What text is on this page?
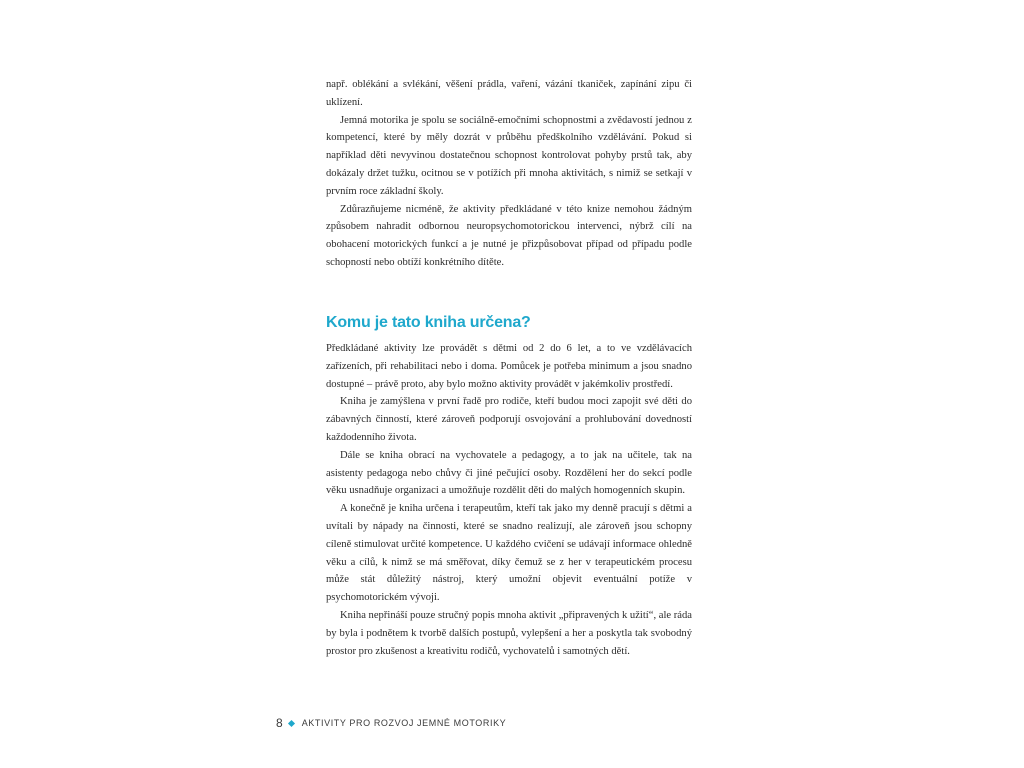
např. oblékání a svlékání, věšení prádla, vaření, vázání tkaniček, zapínání zipu či uklízení.

Jemná motorika je spolu se sociálně-emočními schopnostmi a zvědavostí jednou z kompetencí, které by měly dozrát v průběhu předškolního vzdělávání. Pokud si například děti nevyvinou dostatečnou schopnost kontrolovat pohyby prstů tak, aby dokázaly držet tužku, ocitnou se v potížích při mnoha aktivitách, s nimiž se setkají v prvním roce základní školy.

Zdůrazňujeme nicméně, že aktivity předkládané v této knize nemohou žádným způsobem nahradit odbornou neuropsychomotorickou intervenci, nýbrž cílí na obohacení motorických funkcí a je nutné je přizpůsobovat případ od případu podle schopností nebo obtíží konkrétního dítěte.

Komu je tato kniha určena?

Předkládané aktivity lze provádět s dětmi od 2 do 6 let, a to ve vzdělávacích zařízeních, při rehabilitaci nebo i doma. Pomůcek je potřeba minimum a jsou snadno dostupné – právě proto, aby bylo možno aktivity provádět v jakémkoliv prostředí.

Kniha je zamýšlena v první řadě pro rodiče, kteří budou moci zapojit své děti do zábavných činností, které zároveň podporují osvojování a prohlubování dovedností každodenního života.

Dále se kniha obrací na vychovatele a pedagogy, a to jak na učitele, tak na asistenty pedagoga nebo chůvy či jiné pečující osoby. Rozdělení her do sekcí podle věku usnadňuje organizaci a umožňuje rozdělit děti do malých homogenních skupin.

A konečně je kniha určena i terapeutům, kteří tak jako my denně pracují s dětmi a uvítali by nápady na činnosti, které se snadno realizují, ale zároveň jsou schopny cíleně stimulovat určité kompetence. U každého cvičení se udávají informace ohledně věku a cílů, k nimž se má směřovat, díky čemuž se z her v terapeutickém procesu může stát důležitý nástroj, který umožní objevit eventuální potíže v psychomotorickém vývoji.

Kniha nepřináší pouze stručný popis mnoha aktivit „připravených k užití“, ale ráda by byla i podnětem k tvorbě dalších postupů, vylepšení a her a poskytla tak svobodný prostor pro zkušenost a kreativitu rodičů, vychovatelů i samotných dětí.

8 AKTIVITY PRO ROZVOJ JEMNÉ MOTORIKY
